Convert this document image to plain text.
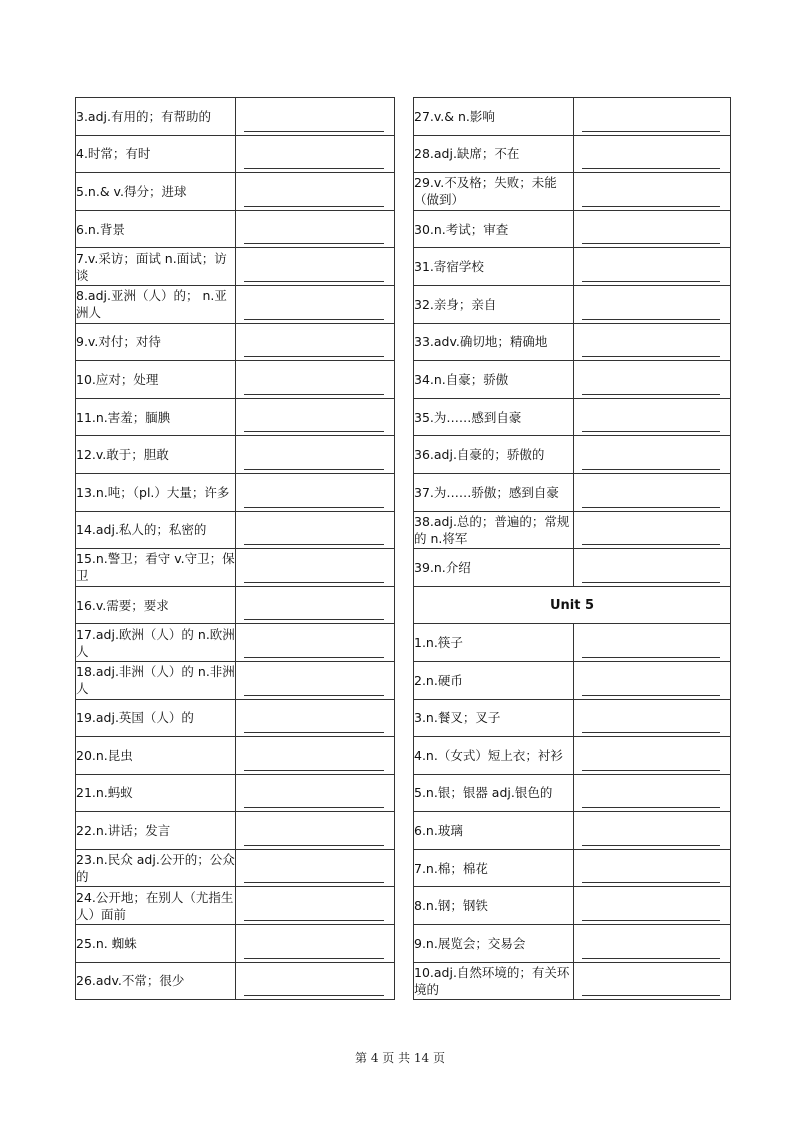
3.adj.有用的；有帮助的	

4.时常；有时	

5.n.& v.得分；进球	

6.n.背景	

7.v.采访；面试 n.面试；访谈	

8.adj.亚洲（人）的； n.亚洲人	

9.v.对付；对待	

10.应对；处理	

11.n.害羞；腼腆	

12.v.敢于；胆敢	

13.n.吨；（pl.）大量；许多	

14.adj.私人的；私密的	

15.n.警卫；看守 v.守卫；保卫	

16.v.需要；要求	

17.adj.欧洲（人）的 n.欧洲人	

18.adj.非洲（人）的 n.非洲人	

19.adj.英国（人）的	

20.n.昆虫	

21.n.蚂蚁	

22.n.讲话；发言	

23.n.民众 adj.公开的；公众的	

24.公开地；在别人（尤指生人）面前	

25.n. 蜘蛛	

26.adv.不常；很少	
27.v.& n.影响	

28.adj.缺席；不在	

29.v.不及格；失败；未能（做到）	

30.n.考试；审查	

31.寄宿学校	

32.亲身；亲自	

33.adv.确切地；精确地	

34.n.自豪；骄傲	

35.为……感到自豪	

36.adj.自豪的；骄傲的	

37.为……骄傲；感到自豪	

38.adj.总的；普遍的；常规的 n.将军	

39.n.介绍	

Unit 5	
1.n.筷子	

2.n.硬币	

3.n.餐叉；叉子	

4.n.（女式）短上衣；衬衫	

5.n.银；银器 adj.银色的	

6.n.玻璃	

7.n.棉；棉花	

8.n.钢；钢铁	

9.n.展览会；交易会	

10.adj.自然环境的；有关环境的	
第 4 页 共 14 页
